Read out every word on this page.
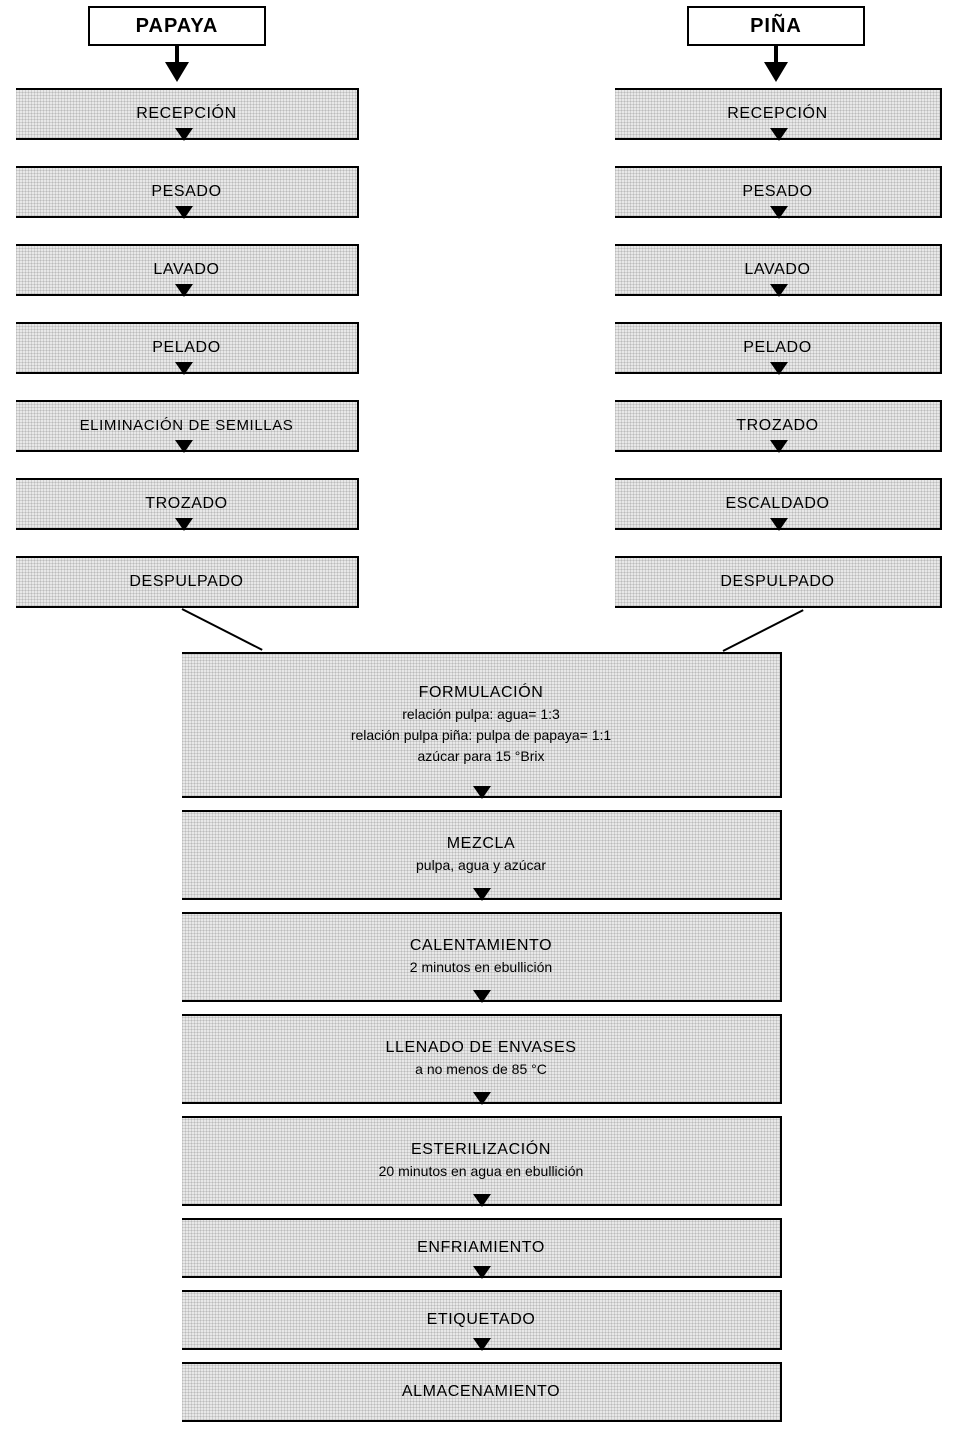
PAPAYA	PIÑA
RECEPCIÓN
PESADO
LAVADO
PELADO
ELIMINACIÓN DE SEMILLAS
TROZADO
DESPULPADO
RECEPCIÓN
PESADO
LAVADO
PELADO
TROZADO
ESCALDADO
DESPULPADO
FORMULACIÓN
relación pulpa: agua= 1:3
relación pulpa piña: pulpa de papaya= 1:1
azúcar para 15 °Brix
MEZCLA
pulpa, agua y azúcar
CALENTAMIENTO
2 minutos en ebullición
LLENADO DE ENVASES
a no menos de 85 °C
ESTERILIZACIÓN
20 minutos en agua en ebullición
ENFRIAMIENTO
ETIQUETADO
ALMACENAMIENTO
